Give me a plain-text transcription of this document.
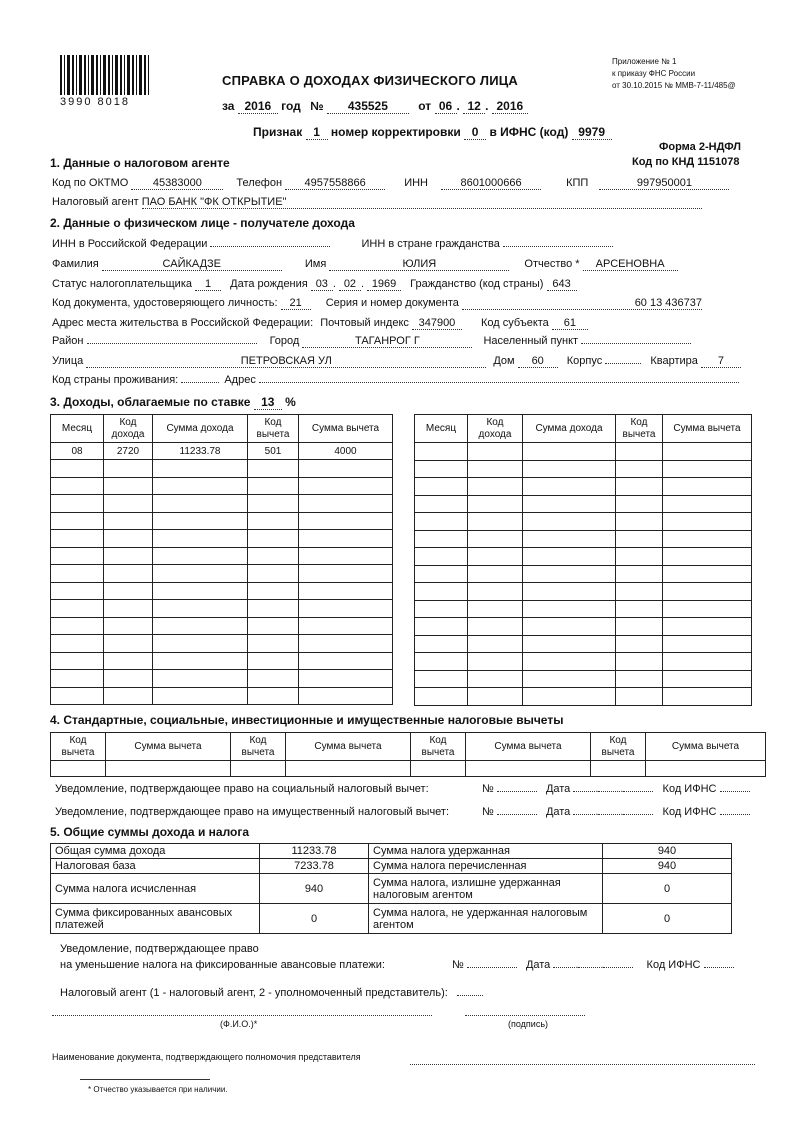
3990 8018
Приложение № 1
к приказу ФНС России
от 30.10.2015 № ММВ-7-11/485@
СПРАВКА О ДОХОДАХ ФИЗИЧЕСКОГО ЛИЦА
за 2016 год № 435525	от 06 . 12 . 2016
Признак 1 номер корректировки 0 в ИФНС (код) 9979
Форма 2-НДФЛ
Код по КНД 1151078
1. Данные о налоговом агенте
Код по ОКТМО 45383000	Телефон 4957558866	ИНН	8601000666	КПП	997950001
Налоговый агент ПАО БАНК "ФК ОТКРЫТИЕ"
2. Данные о физическом лице - получателе дохода
ИНН в Российской Федерации	ИНН в стране гражданства
Фамилия	САЙКАДЗЕ	Имя	ЮЛИЯ	Отчество * АРСЕНОВНА
Статус налогоплательщика 1 Дата рождения 03 . 02 . 1969 Гражданство (код страны) 643
Код документа, удостоверяющего личность: 21 Серия и номер документа	60 13 436737
Адрес места жительства в Российской Федерации: Почтовый индекс 347900 Код субъекта 61
Район	Город	ТАГАНРОГ Г	Населенный пункт
Улица	ПЕТРОВСКАЯ УЛ	Дом 60 Корпус	Квартира 7
Код страны проживания:	Адрес
3. Доходы, облагаемые по ставке 13 %
Месяц	Код дохода	Сумма дохода	Код вычета	Сумма вычета
08	2720	11233.78	501	4000

Месяц	Код дохода	Сумма дохода	Код вычета	Сумма вычета

4. Стандартные, социальные, инвестиционные и имущественные налоговые вычеты
Код вычета	Сумма вычета	Код вычета	Сумма вычета	Код вычета	Сумма вычета	Код вычета	Сумма вычета

Уведомление, подтверждающее право на социальный налоговый вычет:	№	Дата . .	Код ИФНС
Уведомление, подтверждающее право на имущественный налоговый вычет:	№	Дата . .	Код ИФНС
5. Общие суммы дохода и налога
Общая сумма дохода	11233.78	Сумма налога удержанная	940
Налоговая база	7233.78	Сумма налога перечисленная	940
Сумма налога исчисленная	940	Сумма налога, излишне удержанная налоговым агентом	0
Сумма фиксированных авансовых платежей	0	Сумма налога, не удержанная налоговым агентом	0
Уведомление, подтверждающее право
на уменьшение налога на фиксированные авансовые платежи:	№	Дата . .	Код ИФНС
Налоговый агент (1 - налоговый агент, 2 - уполномоченный представитель):
(Ф.И.О.)*	(подпись)
Наименование документа, подтверждающего полномочия представителя
* Отчество указывается при наличии.
